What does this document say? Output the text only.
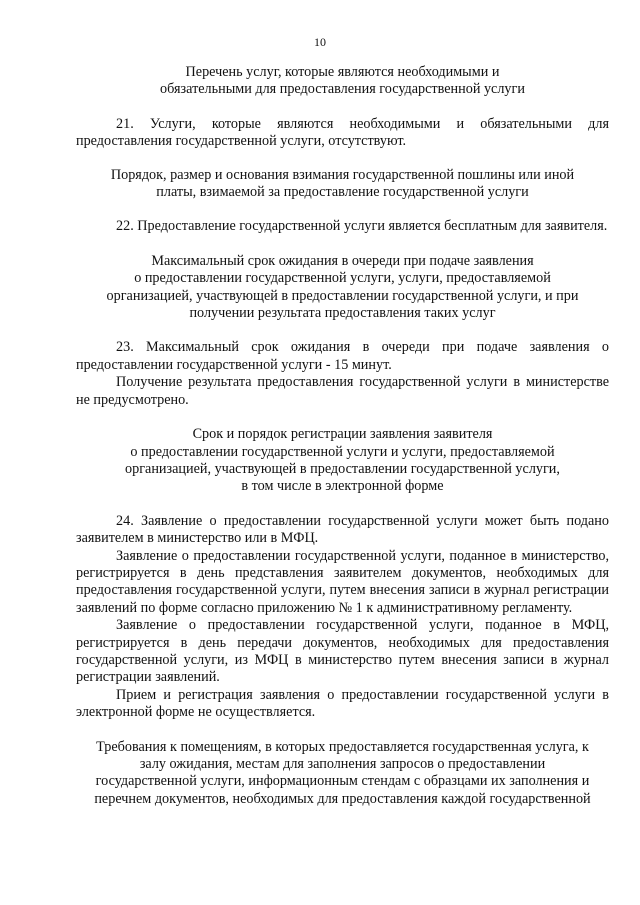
10

Перечень услуг, которые являются необходимыми и
обязательными для предоставления государственной услуги

21. Услуги, которые являются необходимыми и обязательными для предоставления государственной услуги, отсутствуют.

Порядок, размер и основания взимания государственной пошлины или иной
платы, взимаемой за предоставление государственной услуги

22. Предоставление государственной услуги является бесплатным для заявителя.

Максимальный срок ожидания в очереди при подаче заявления
о предоставлении государственной услуги, услуги, предоставляемой
организацией, участвующей в предоставлении государственной услуги, и при
получении результата предоставления таких услуг

23. Максимальный срок ожидания в очереди при подаче заявления о предоставлении государственной услуги - 15 минут.

Получение результата предоставления государственной услуги в министерстве не предусмотрено.

Срок и порядок регистрации заявления заявителя
о предоставлении государственной услуги и услуги, предоставляемой
организацией, участвующей в предоставлении государственной услуги,
в том числе в электронной форме

24. Заявление о предоставлении государственной услуги может быть подано заявителем в министерство или в МФЦ.

Заявление о предоставлении государственной услуги, поданное в министерство, регистрируется в день представления заявителем документов, необходимых для предоставления государственной услуги, путем внесения записи в журнал регистрации заявлений по форме согласно приложению № 1 к административному регламенту.

Заявление о предоставлении государственной услуги, поданное в МФЦ, регистрируется в день передачи документов, необходимых для предоставления государственной услуги, из МФЦ в министерство путем внесения записи в журнал регистрации заявлений.

Прием и регистрация заявления о предоставлении государственной услуги в электронной форме не осуществляется.

Требования к помещениям, в которых предоставляется государственная услуга, к
залу ожидания, местам для заполнения запросов о предоставлении
государственной услуги, информационным стендам с образцами их заполнения и
перечнем документов, необходимых для предоставления каждой государственной
